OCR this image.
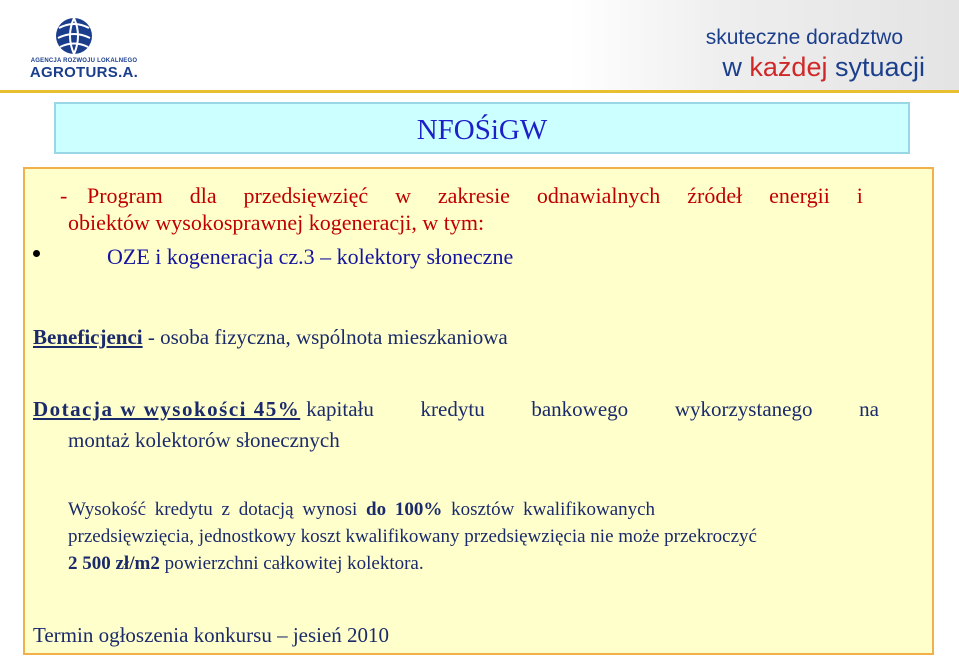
AGENCJA ROZWOJU LOKALNEGO
AGROTURS.A.
skuteczne doradztwo
w każdej sytuacji
NFOŚiGW
- Program dla przedsięwzięć w zakresie odnawialnych źródeł energii i
obiektów wysokosprawnej kogeneracji, w tym:
OZE i kogeneracja cz.3 – kolektory słoneczne
Beneficjenci - osoba fizyczna, wspólnota mieszkaniowa
Dotacja w wysokości 45% kapitału kredytu bankowego wykorzystanego na
montaż kolektorów słonecznych
Wysokość kredytu z dotacją wynosi do 100% kosztów kwalifikowanych
przedsięwzięcia, jednostkowy koszt kwalifikowany przedsięwzięcia nie może przekroczyć
2 500 zł/m2 powierzchni całkowitej kolektora.
Termin ogłoszenia konkursu – jesień 2010
